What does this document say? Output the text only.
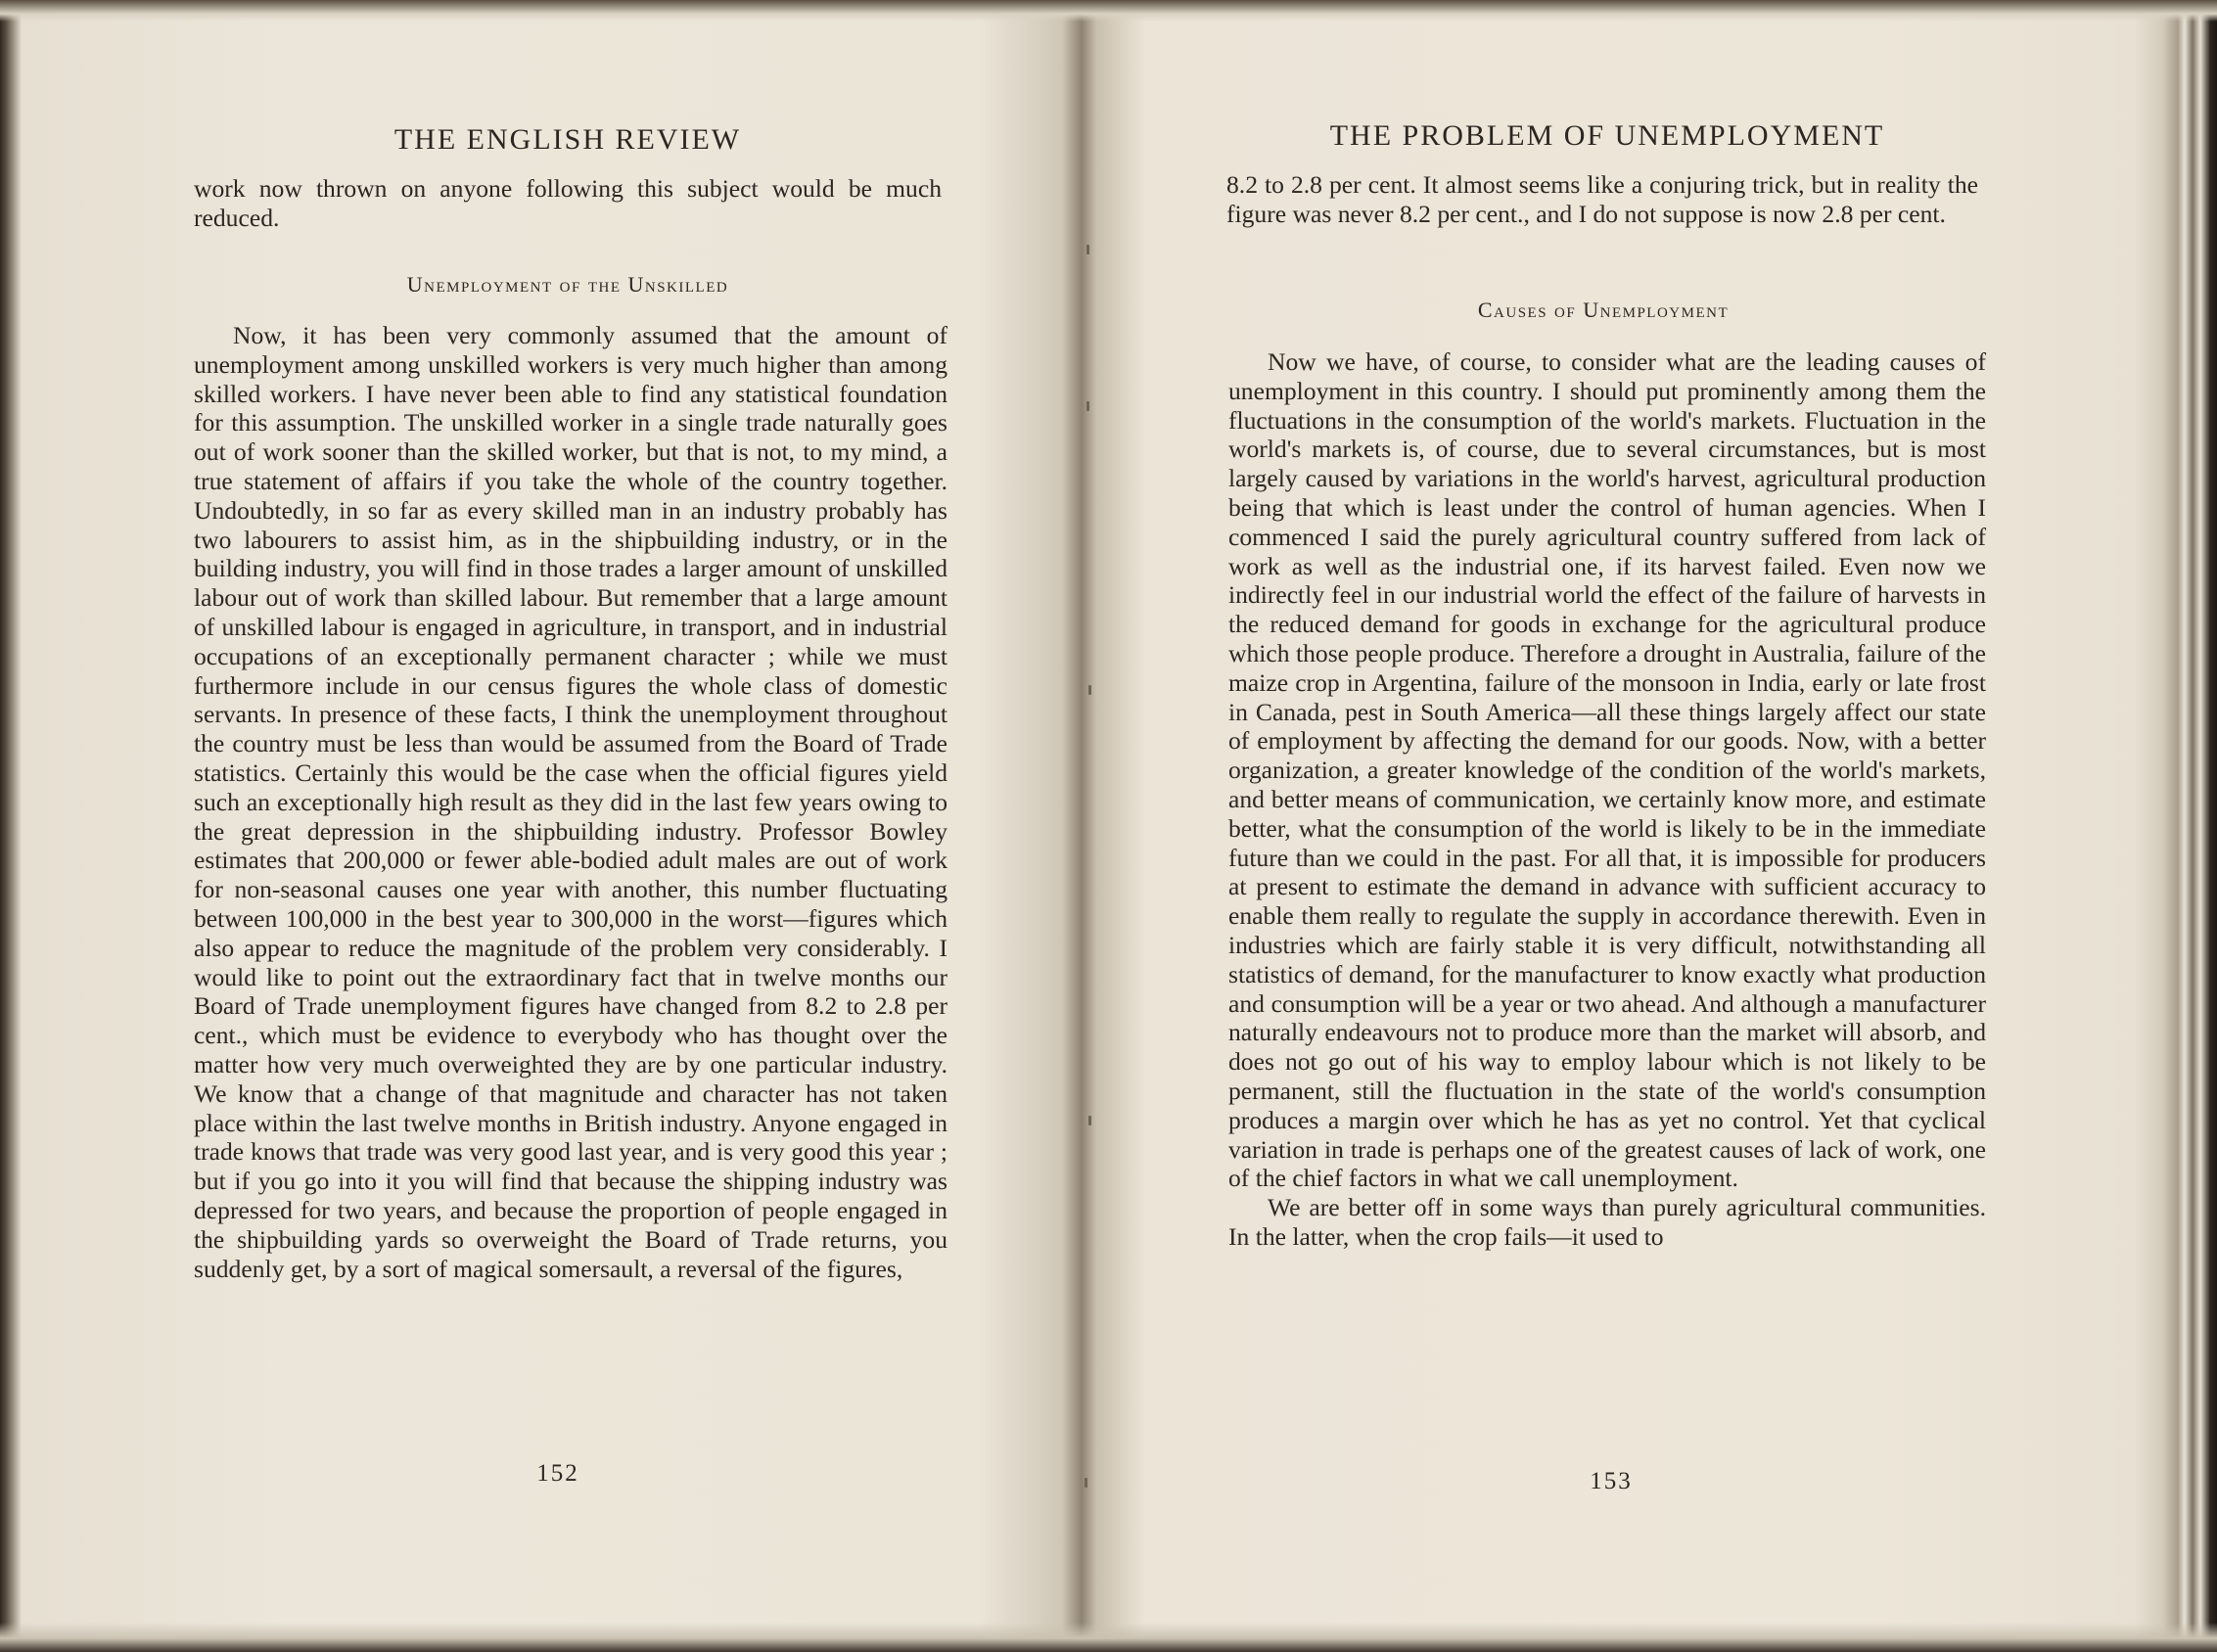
THE ENGLISH REVIEW

work now thrown on anyone following this subject would be much reduced.

Unemployment of the Unskilled

Now, it has been very commonly assumed that the amount of unemployment among unskilled workers is very much higher than among skilled workers. I have never been able to find any statistical foundation for this assumption. The unskilled worker in a single trade naturally goes out of work sooner than the skilled worker, but that is not, to my mind, a true statement of affairs if you take the whole of the country together. Undoubtedly, in so far as every skilled man in an industry probably has two labourers to assist him, as in the shipbuilding industry, or in the building industry, you will find in those trades a larger amount of unskilled labour out of work than skilled labour. But remember that a large amount of unskilled labour is engaged in agriculture, in transport, and in industrial occupations of an exceptionally permanent character ; while we must furthermore include in our census figures the whole class of domestic servants. In presence of these facts, I think the unemployment throughout the country must be less than would be assumed from the Board of Trade statistics. Certainly this would be the case when the official figures yield such an exceptionally high result as they did in the last few years owing to the great depression in the shipbuilding industry. Professor Bowley estimates that 200,000 or fewer able-bodied adult males are out of work for non-seasonal causes one year with another, this number fluctuating between 100,000 in the best year to 300,000 in the worst—figures which also appear to reduce the magnitude of the problem very considerably. I would like to point out the extraordinary fact that in twelve months our Board of Trade unemployment figures have changed from 8.2 to 2.8 per cent., which must be evidence to everybody who has thought over the matter how very much overweighted they are by one particular industry. We know that a change of that magnitude and character has not taken place within the last twelve months in British industry. Anyone engaged in trade knows that trade was very good last year, and is very good this year ; but if you go into it you will find that because the shipping industry was depressed for two years, and because the proportion of people engaged in the shipbuilding yards so overweight the Board of Trade returns, you suddenly get, by a sort of magical somersault, a reversal of the figures,

152
THE PROBLEM OF UNEMPLOYMENT

8.2 to 2.8 per cent. It almost seems like a conjuring trick, but in reality the figure was never 8.2 per cent., and I do not suppose is now 2.8 per cent.

Causes of Unemployment

Now we have, of course, to consider what are the leading causes of unemployment in this country. I should put prominently among them the fluctuations in the consumption of the world's markets. Fluctuation in the world's markets is, of course, due to several circumstances, but is most largely caused by variations in the world's harvest, agricultural production being that which is least under the control of human agencies. When I commenced I said the purely agricultural country suffered from lack of work as well as the industrial one, if its harvest failed. Even now we indirectly feel in our industrial world the effect of the failure of harvests in the reduced demand for goods in exchange for the agricultural produce which those people produce. Therefore a drought in Australia, failure of the maize crop in Argentina, failure of the monsoon in India, early or late frost in Canada, pest in South America—all these things largely affect our state of employment by affecting the demand for our goods. Now, with a better organization, a greater knowledge of the condition of the world's markets, and better means of communication, we certainly know more, and estimate better, what the consumption of the world is likely to be in the immediate future than we could in the past. For all that, it is impossible for producers at present to estimate the demand in advance with sufficient accuracy to enable them really to regulate the supply in accordance therewith. Even in industries which are fairly stable it is very difficult, notwithstanding all statistics of demand, for the manufacturer to know exactly what production and consumption will be a year or two ahead. And although a manufacturer naturally endeavours not to produce more than the market will absorb, and does not go out of his way to employ labour which is not likely to be permanent, still the fluctuation in the state of the world's consumption produces a margin over which he has as yet no control. Yet that cyclical variation in trade is perhaps one of the greatest causes of lack of work, one of the chief factors in what we call unemployment.

We are better off in some ways than purely agricultural communities. In the latter, when the crop fails—it used to

153
